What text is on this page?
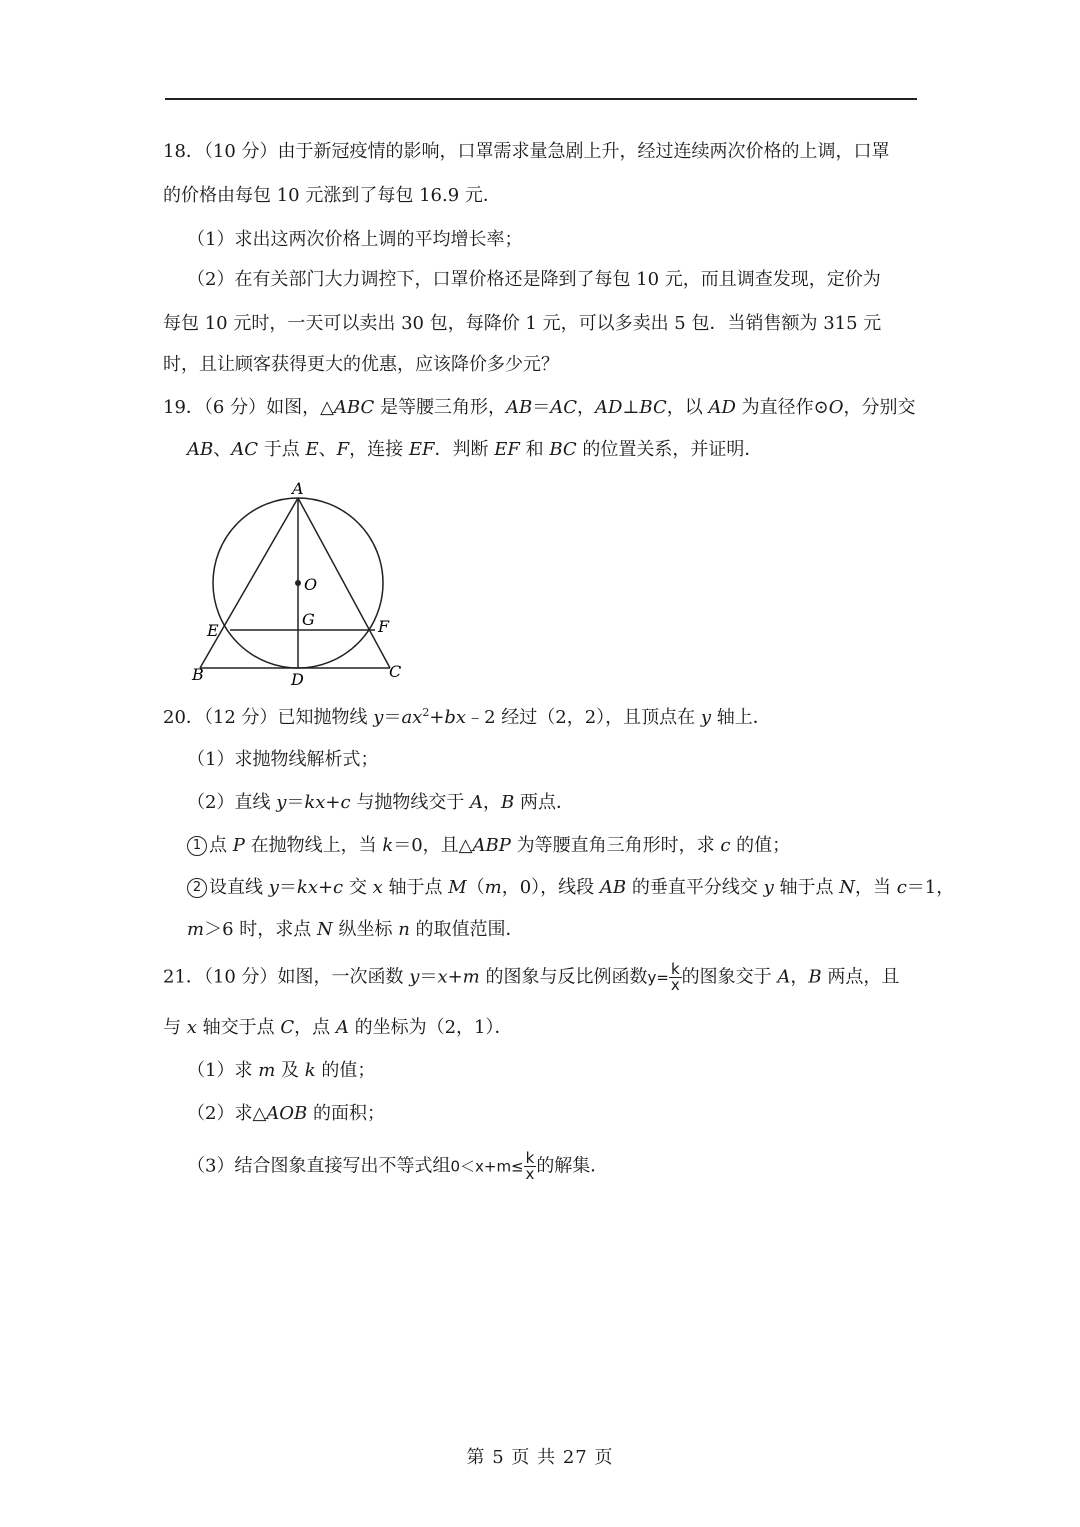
18．（10 分）由于新冠疫情的影响，口罩需求量急剧上升，经过连续两次价格的上调，口罩
的价格由每包 10 元涨到了每包 16.9 元．
（1）求出这两次价格上调的平均增长率；
（2）在有关部门大力调控下，口罩价格还是降到了每包 10 元，而且调查发现，定价为
每包 10 元时，一天可以卖出 30 包，每降价 1 元，可以多卖出 5 包．当销售额为 315 元
时，且让顾客获得更大的优惠，应该降价多少元？
19．（6 分）如图，△ABC 是等腰三角形，AB＝AC，AD⊥BC，以 AD 为直径作⊙O，分别交
AB、AC 于点 E、F，连接 EF．判断 EF 和 BC 的位置关系，并证明．
A
O
G
E	F
B	D	C
20．（12 分）已知抛物线 $y=ax^2+bx﹣2$ 经过（2，2），且顶点在 y 轴上．
（1）求抛物线解析式；
（2）直线 y＝kx+c 与抛物线交于 A，B 两点．
1 点 P 在抛物线上，当 k＝0，且△ABP 为等腰直角三角形时，求 c 的值；
2 设直线 y＝kx+c 交 x 轴于点 M（m，0），线段 AB 的垂直平分线交 y 轴于点 N，当 c＝1，
m＞6 时，求点 N 纵坐标 n 的取值范围．
21．（10 分）如图，一次函数 y＝x+m 的图象与反比例函数$y= \frac{k}{x}$ 的图象交于 A，B 两点，且
与 x 轴交于点 C，点 A 的坐标为（2，1）．
（1）求 m 及 k 的值；
（2）求△AOB 的面积；
（3）结合图象直接写出不等式组$0<x+m\le \frac{k}{x}$ 的解集．
第 5 页 共 27 页
